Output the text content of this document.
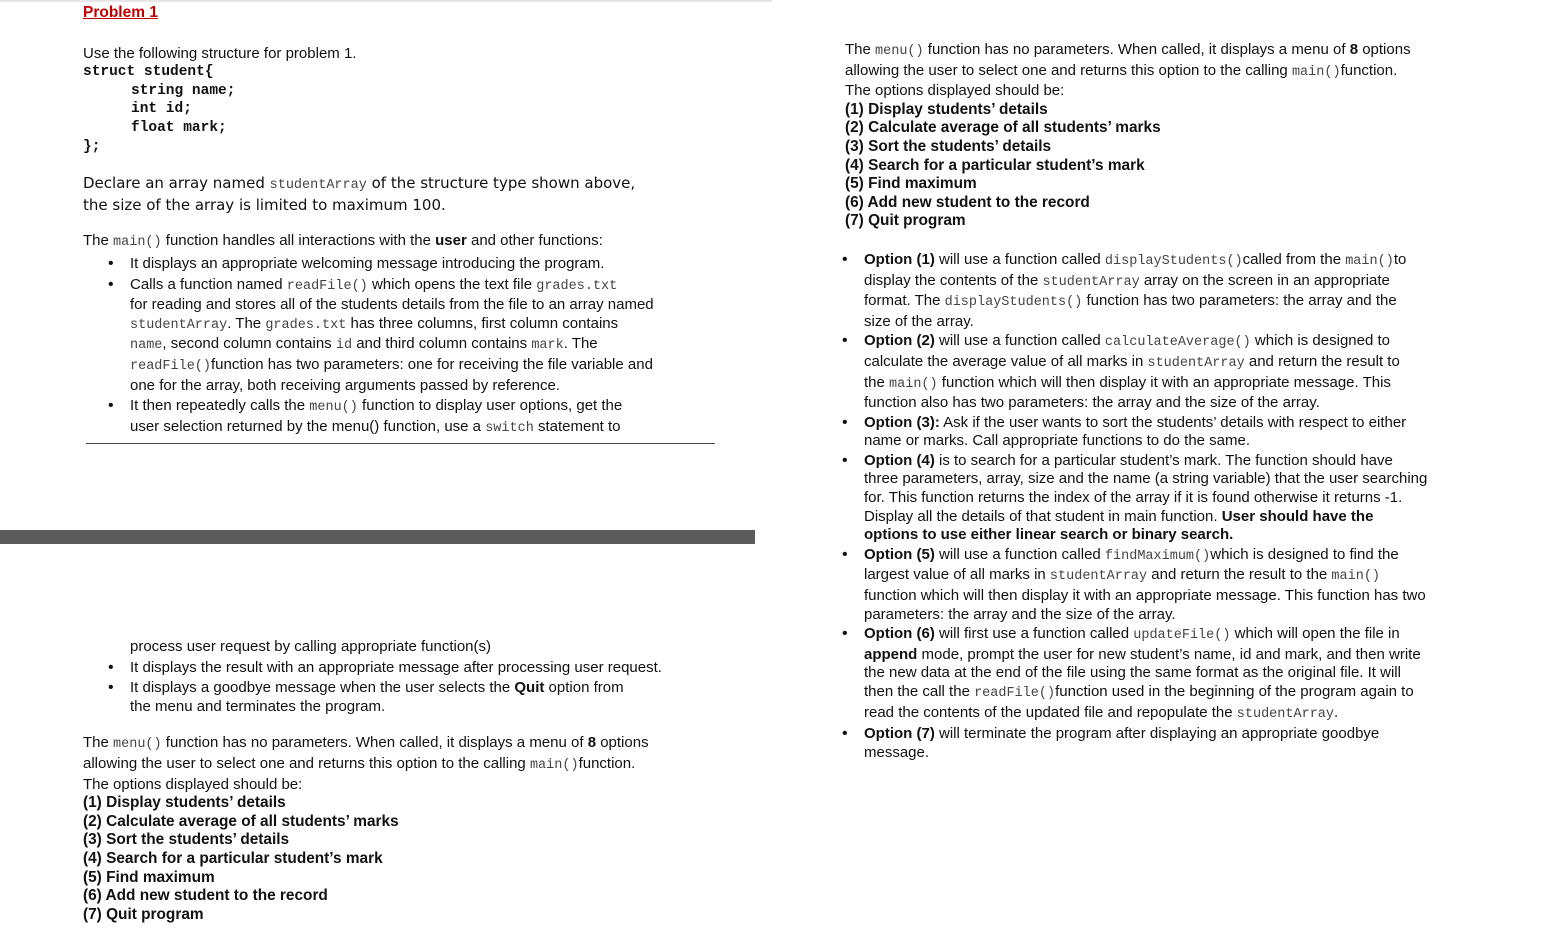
Problem 1
Use the following structure for problem 1.
struct student{
string name;
int id;
float mark;
};
Declare an array named studentArray of the structure type shown above,
the size of the array is limited to maximum 100.
The main() function handles all interactions with the user and other functions:
• It displays an appropriate welcoming message introducing the program.
• Calls a function named readFile() which opens the text file grades.txt
for reading and stores all of the students details from the file to an array named
studentArray. The grades.txt has three columns, first column contains
name, second column contains id and third column contains mark. The
readFile()function has two parameters: one for receiving the file variable and
one for the array, both receiving arguments passed by reference.
• It then repeatedly calls the menu() function to display user options, get the
user selection returned by the menu() function, use a switch statement to
process user request by calling appropriate function(s)
• It displays the result with an appropriate message after processing user request.
• It displays a goodbye message when the user selects the Quit option from
the menu and terminates the program.
The menu() function has no parameters. When called, it displays a menu of 8 options
allowing the user to select one and returns this option to the calling main()function.
The options displayed should be:
(1) Display students’ details
(2) Calculate average of all students’ marks
(3) Sort the students’ details
(4) Search for a particular student’s mark
(5) Find maximum
(6) Add new student to the record
(7) Quit program
The menu() function has no parameters. When called, it displays a menu of 8 options
allowing the user to select one and returns this option to the calling main()function.
The options displayed should be:
(1) Display students’ details
(2) Calculate average of all students’ marks
(3) Sort the students’ details
(4) Search for a particular student’s mark
(5) Find maximum
(6) Add new student to the record
(7) Quit program
• Option (1) will use a function called displayStudents()called from the main()to
display the contents of the studentArray array on the screen in an appropriate
format. The displayStudents() function has two parameters: the array and the
size of the array.
• Option (2) will use a function called calculateAverage() which is designed to
calculate the average value of all marks in studentArray and return the result to
the main() function which will then display it with an appropriate message. This
function also has two parameters: the array and the size of the array.
• Option (3): Ask if the user wants to sort the students’ details with respect to either
name or marks. Call appropriate functions to do the same.
• Option (4) is to search for a particular student’s mark. The function should have
three parameters, array, size and the name (a string variable) that the user searching
for. This function returns the index of the array if it is found otherwise it returns -1.
Display all the details of that student in main function. User should have the
options to use either linear search or binary search.
• Option (5) will use a function called findMaximum()which is designed to find the
largest value of all marks in studentArray and return the result to the main()
function which will then display it with an appropriate message. This function has two
parameters: the array and the size of the array.
• Option (6) will first use a function called updateFile() which will open the file in
append mode, prompt the user for new student’s name, id and mark, and then write
the new data at the end of the file using the same format as the original file. It will
then the call the readFile()function used in the beginning of the program again to
read the contents of the updated file and repopulate the studentArray.
• Option (7) will terminate the program after displaying an appropriate goodbye
message.
